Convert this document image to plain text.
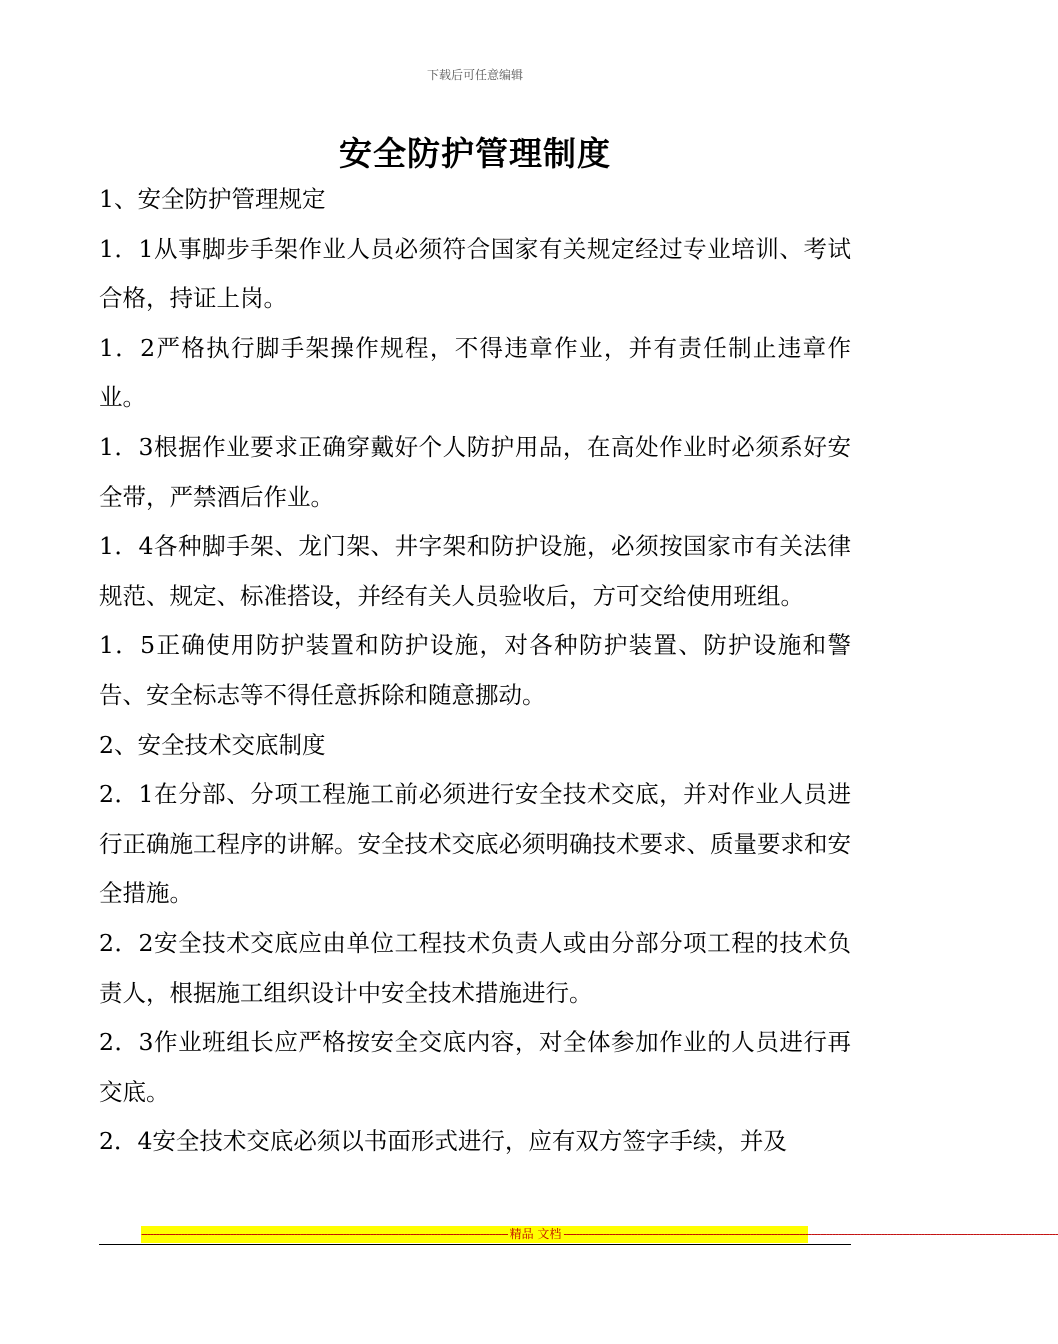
下载后可任意编辑
安全防护管理制度

1、安全防护管理规定

1．1从事脚步手架作业人员必须符合国家有关规定经过专业培训、考试合格，持证上岗。

1．2严格执行脚手架操作规程，不得违章作业，并有责任制止违章作业。

1．3根据作业要求正确穿戴好个人防护用品，在高处作业时必须系好安全带，严禁酒后作业。

1．4各种脚手架、龙门架、井字架和防护设施，必须按国家市有关法律规范、规定、标准搭设，并经有关人员验收后，方可交给使用班组。

1．5正确使用防护装置和防护设施，对各种防护装置、防护设施和警告、安全标志等不得任意拆除和随意挪动。

2、安全技术交底制度

2．1在分部、分项工程施工前必须进行安全技术交底，并对作业人员进行正确施工程序的讲解。安全技术交底必须明确技术要求、质量要求和安全措施。

2．2安全技术交底应由单位工程技术负责人或由分部分项工程的技术负责人，根据施工组织设计中安全技术措施进行。

2．3作业班组长应严格按安全交底内容，对全体参加作业的人员进行再交底。

2．4安全技术交底必须以书面形式进行，应有双方签字手续，并及

------------------------------------------------------------------------------------------------------------------------ 精品 文档 ------------------------------------------------------------------------------------------------------------------------------------------------------------------
